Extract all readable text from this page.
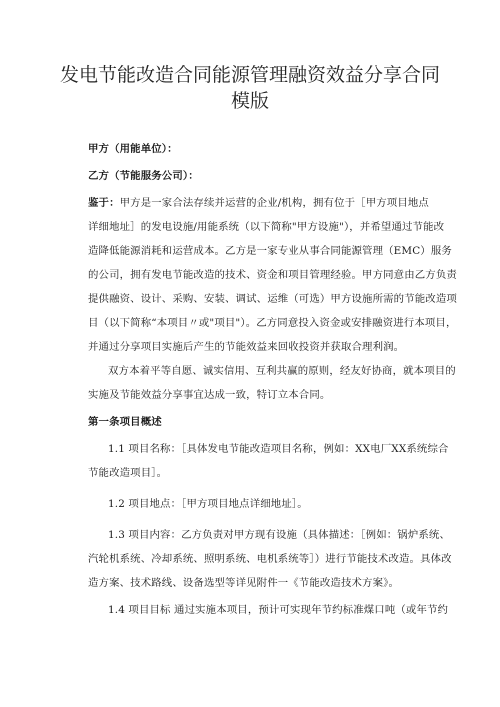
发电节能改造合同能源管理融资效益分享合同
模版
甲方（用能单位）：
乙方（节能服务公司）：
鉴于：甲方是一家合法存续并运营的企业/机构，拥有位于［甲方项目地点
详细地址］的发电设施/用能系统（以下简称"甲方设施"），并希望通过节能改
造降低能源消耗和运营成本。乙方是一家专业从事合同能源管理（EMC）服务
的公司，拥有发电节能改造的技术、资金和项目管理经验。甲方同意由乙方负责
提供融资、设计、采购、安装、调试、运维（可选）甲方设施所需的节能改造项
目（以下简称“本项目〃或"项目"）。乙方同意投入资金或安排融资进行本项目，
并通过分享项目实施后产生的节能效益来回收投资并获取合理利润。
双方本着平等自愿、诚实信用、互利共赢的原则，经友好协商，就本项目的
实施及节能效益分享事宜达成一致，特订立本合同。
第一条项目概述
1.1 项目名称：［具体发电节能改造项目名称，例如：XX电厂XX系统综合
节能改造项目］。
1.2 项目地点：［甲方项目地点详细地址］。
1.3 项目内容：乙方负责对甲方现有设施（具体描述：［例如：锅炉系统、
汽轮机系统、冷却系统、照明系统、电机系统等］）进行节能技术改造。具体改
造方案、技术路线、设备选型等详见附件一《节能改造技术方案》。
1.4 项目目标 通过实施本项目，预计可实现年节约标准煤口吨（或年节约
